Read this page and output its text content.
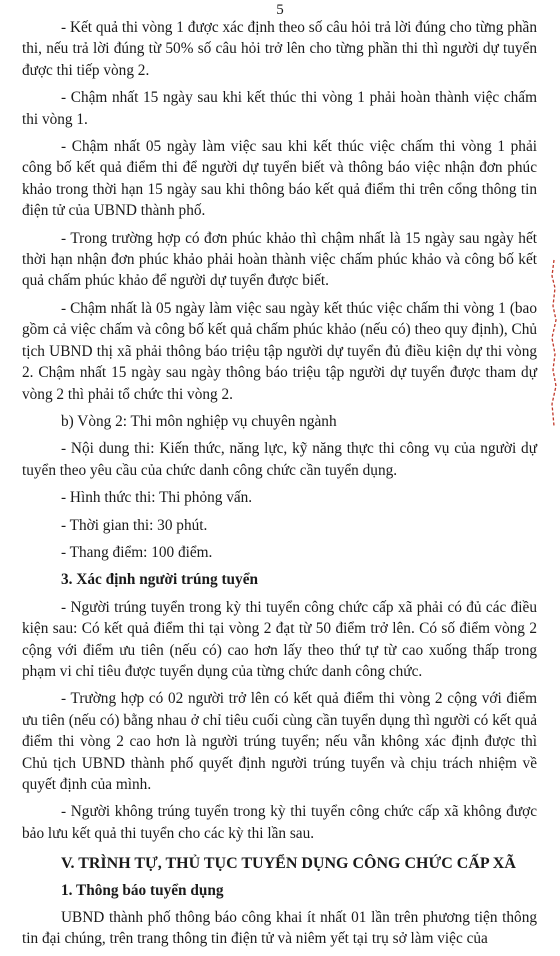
5

- Kết quả thi vòng 1 được xác định theo số câu hỏi trả lời đúng cho từng phần thi, nếu trả lời đúng từ 50% số câu hỏi trở lên cho từng phần thi thì người dự tuyển được thi tiếp vòng 2.

- Chậm nhất 15 ngày sau khi kết thúc thi vòng 1 phải hoàn thành việc chấm thi vòng 1.

- Chậm nhất 05 ngày làm việc sau khi kết thúc việc chấm thi vòng 1 phải công bố kết quả điểm thi để người dự tuyển biết và thông báo việc nhận đơn phúc khảo trong thời hạn 15 ngày sau khi thông báo kết quả điểm thi trên cổng thông tin điện tử của UBND thành phố.

- Trong trường hợp có đơn phúc khảo thì chậm nhất là 15 ngày sau ngày hết thời hạn nhận đơn phúc khảo phải hoàn thành việc chấm phúc khảo và công bố kết quả chấm phúc khảo để người dự tuyển được biết.

- Chậm nhất là 05 ngày làm việc sau ngày kết thúc việc chấm thi vòng 1 (bao gồm cả việc chấm và công bố kết quả chấm phúc khảo (nếu có) theo quy định), Chủ tịch UBND thị xã phải thông báo triệu tập người dự tuyển đủ điều kiện dự thi vòng 2. Chậm nhất 15 ngày sau ngày thông báo triệu tập người dự tuyển được tham dự vòng 2 thì phải tổ chức thi vòng 2.

b) Vòng 2: Thi môn nghiệp vụ chuyên ngành

- Nội dung thi: Kiến thức, năng lực, kỹ năng thực thi công vụ của người dự tuyển theo yêu cầu của chức danh công chức cần tuyển dụng.

- Hình thức thi: Thi phỏng vấn.

- Thời gian thi: 30 phút.

- Thang điểm: 100 điểm.

3. Xác định người trúng tuyển

- Người trúng tuyển trong kỳ thi tuyển công chức cấp xã phải có đủ các điều kiện sau: Có kết quả điểm thi tại vòng 2 đạt từ 50 điểm trở lên. Có số điểm vòng 2 cộng với điểm ưu tiên (nếu có) cao hơn lấy theo thứ tự từ cao xuống thấp trong phạm vi chỉ tiêu được tuyển dụng của từng chức danh công chức.

- Trường hợp có 02 người trở lên có kết quả điểm thi vòng 2 cộng với điểm ưu tiên (nếu có) bằng nhau ở chỉ tiêu cuối cùng cần tuyển dụng thì người có kết quả điểm thi vòng 2 cao hơn là người trúng tuyển; nếu vẫn không xác định được thì Chủ tịch UBND thành phố quyết định người trúng tuyển và chịu trách nhiệm về quyết định của mình.

- Người không trúng tuyển trong kỳ thi tuyển công chức cấp xã không được bảo lưu kết quả thi tuyển cho các kỳ thi lần sau.

V. TRÌNH TỰ, THỦ TỤC TUYỂN DỤNG CÔNG CHỨC CẤP XÃ

1. Thông báo tuyển dụng

UBND thành phố thông báo công khai ít nhất 01 lần trên phương tiện thông tin đại chúng, trên trang thông tin điện tử và niêm yết tại trụ sở làm việc của
